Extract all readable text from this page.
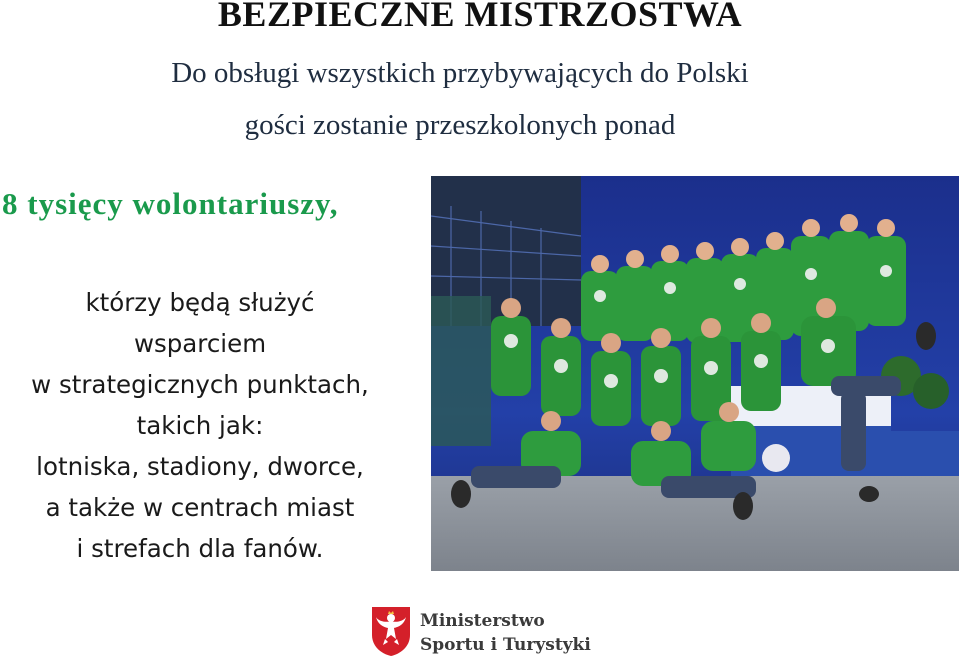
BEZPIECZNE MISTRZOSTWA
Do obsługi wszystkich przybywających do Polski
gości zostanie przeszkolonych ponad
8 tysięcy wolontariuszy,
którzy będą służyć
wsparciem
w strategicznych punktach,
takich jak:
lotniska, stadiony, dworce,
a także w centrach miast
i strefach dla fanów.
Ministerstwo
Sportu i Turystyki
